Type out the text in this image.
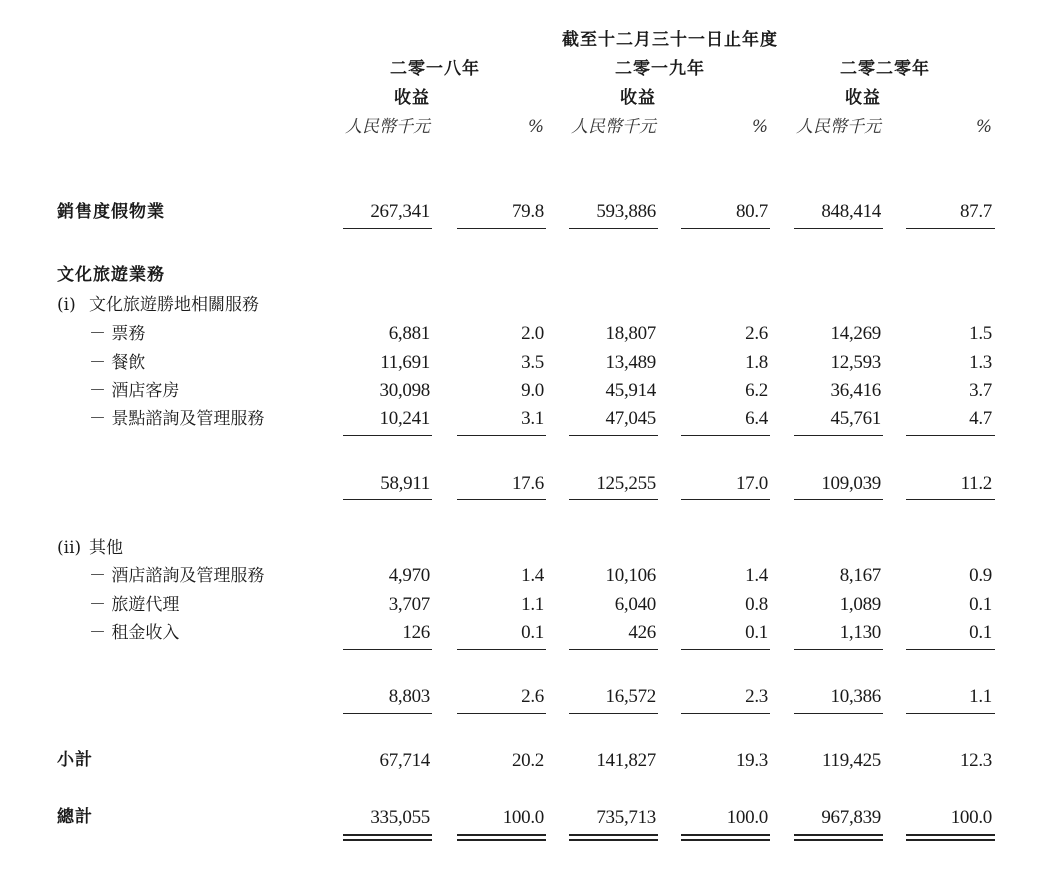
截至十二月三十一日止年度
二零一八年	二零一九年	二零二零年
收益	收益	收益
人民幣千元	%	人民幣千元	%	人民幣千元	%
銷售度假物業	267,341	79.8	593,886	80.7	848,414	87.7
文化旅遊業務
(i) 文化旅遊勝地相關服務
－ 票務	6,881	2.0	18,807	2.6	14,269	1.5
－ 餐飲	11,691	3.5	13,489	1.8	12,593	1.3
－ 酒店客房	30,098	9.0	45,914	6.2	36,416	3.7
－ 景點諮詢及管理服務	10,241	3.1	47,045	6.4	45,761	4.7
58,911	17.6	125,255	17.0	109,039	11.2
(ii) 其他
－ 酒店諮詢及管理服務	4,970	1.4	10,106	1.4	8,167	0.9
－ 旅遊代理	3,707	1.1	6,040	0.8	1,089	0.1
－ 租金收入	126	0.1	426	0.1	1,130	0.1
8,803	2.6	16,572	2.3	10,386	1.1
小計	67,714	20.2	141,827	19.3	119,425	12.3
總計	335,055	100.0	735,713	100.0	967,839	100.0
